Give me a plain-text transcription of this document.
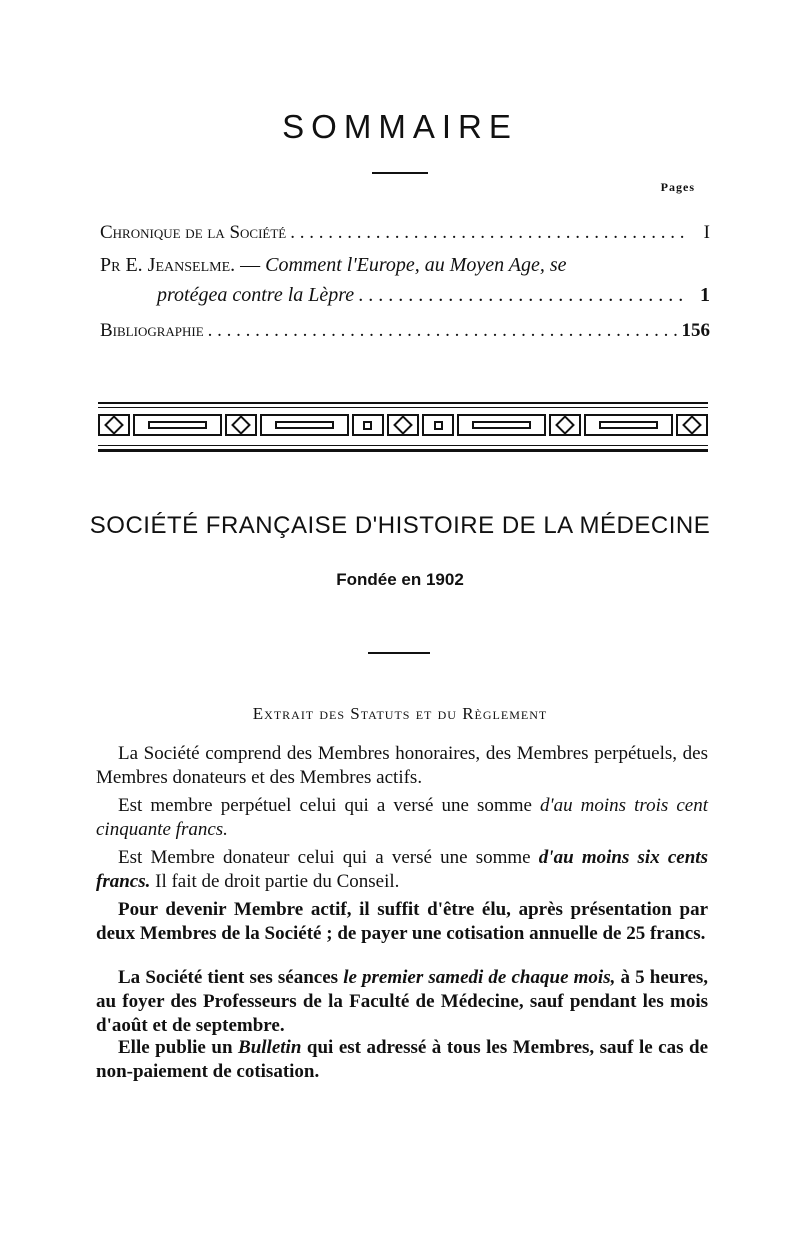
SOMMAIRE
Pages
Chronique de la Société . . .	I
Pr E. Jeanselme. — Comment l'Europe, au Moyen Age, se
protégea contre la Lèpre . . .	1
Bibliographie . . .	156
SOCIÉTÉ FRANÇAISE D'HISTOIRE DE LA MÉDECINE
Fondée en 1902
Extrait des Statuts et du Règlement
La Société comprend des Membres honoraires, des Membres perpétuels, des Membres donateurs et des Membres actifs.
Est membre perpétuel celui qui a versé une somme d'au moins trois cent cinquante francs.
Est Membre donateur celui qui a versé une somme d'au moins six cents francs. Il fait de droit partie du Conseil.
Pour devenir Membre actif, il suffit d'être élu, après présentation par deux Membres de la Société ; de payer une cotisation annuelle de 25 francs.
La Société tient ses séances le premier samedi de chaque mois, à 5 heures, au foyer des Professeurs de la Faculté de Médecine, sauf pendant les mois d'août et de septembre.
Elle publie un Bulletin qui est adressé à tous les Membres, sauf le cas de non-paiement de cotisation.
